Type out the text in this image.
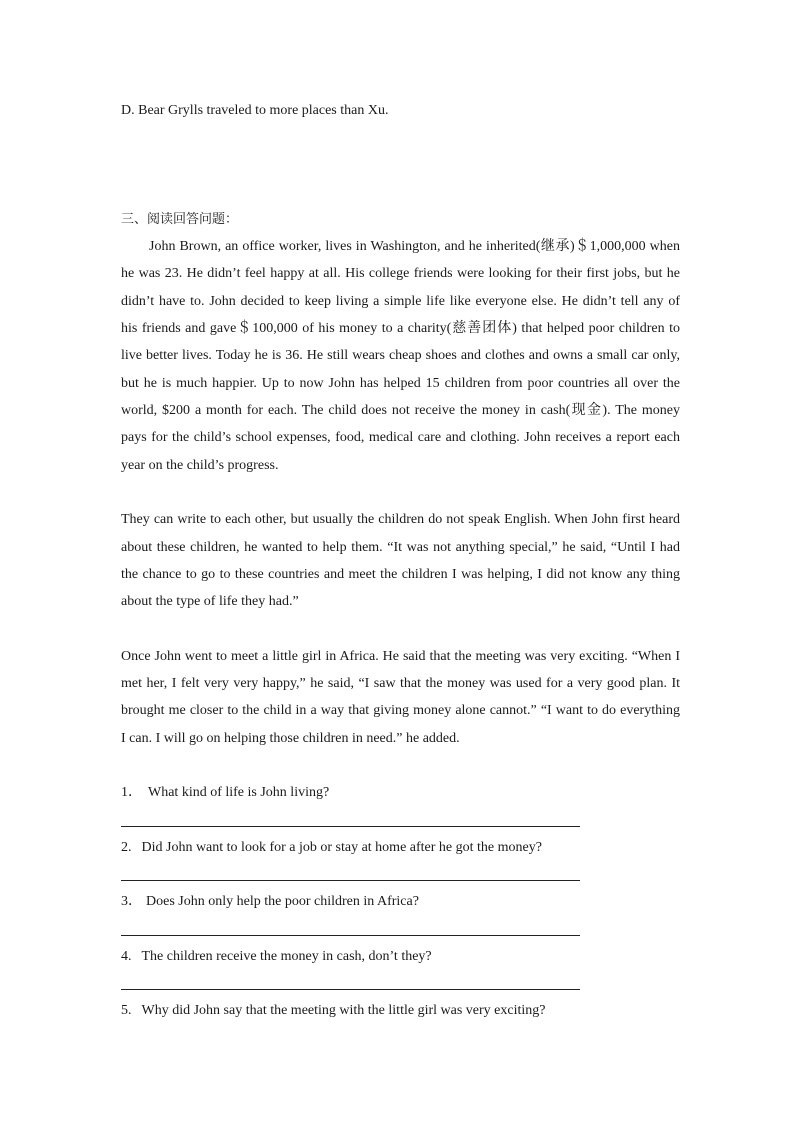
D. Bear Grylls traveled to more places than Xu.
三、阅读回答问题：
John Brown, an office worker, lives in Washington, and he inherited(继承)＄1,000,000 when
he was 23. He didn’t feel happy at all. His college friends were looking for their first jobs, but he
didn’t have to. John decided to keep living a simple life like everyone else. He didn’t tell any of
his friends and gave＄100,000 of his money to a charity(慈善团体) that helped poor children to
live better lives. Today he is 36. He still wears cheap shoes and clothes and owns a small car only,
but he is much happier. Up to now John has helped 15 children from poor countries all over the
world, $200 a month for each. The child does not receive the money in cash(现金). The money
pays for the child’s school expenses, food, medical care and clothing. John receives a report each
year on the child’s progress.
They can write to each other, but usually the children do not speak English. When John first heard
about these children, he wanted to help them. “It was not anything special,” he said, “Until I had
the chance to go to these countries and meet the children I was helping, I did not know any thing
about the type of life they had.”
Once John went to meet a little girl in Africa. He said that the meeting was very exciting. “When I
met her, I felt very very happy,” he said, “I saw that the money was used for a very good plan. It
brought me closer to the child in a way that giving money alone cannot.” “I want to do everything
I can. I will go on helping those children in need.” he added.
1． What kind of life is John living?
2. Did John want to look for a job or stay at home after he got the money?
3． Does John only help the poor children in Africa?
4. The children receive the money in cash, don’t they?
5. Why did John say that the meeting with the little girl was very exciting?
